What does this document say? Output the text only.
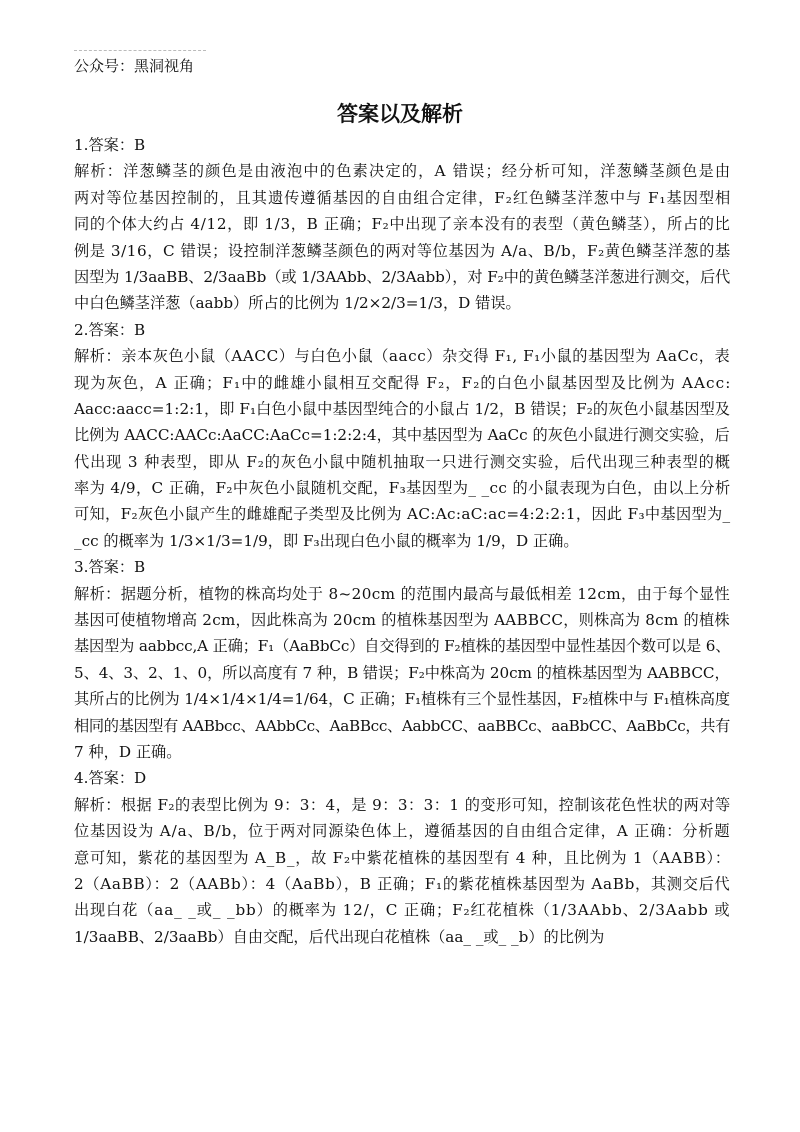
公众号：黑洞视角
答案以及解析
1.答案：B
解析：洋葱鳞茎的颜色是由液泡中的色素决定的，A 错误；经分析可知，洋葱鳞茎颜色是由
两对等位基因控制的，且其遗传遵循基因的自由组合定律，F₂红色鳞茎洋葱中与 F₁基因型相
同的个体大约占 4/12，即 1/3，B 正确；F₂中出现了亲本没有的表型（黄色鳞茎），所占的比
例是 3/16，C 错误；设控制洋葱鳞茎颜色的两对等位基因为 A/a、B/b，F₂黄色鳞茎洋葱的基
因型为 1/3aaBB、2/3aaBb（或 1/3AAbb、2/3Aabb），对 F₂中的黄色鳞茎洋葱进行测交，后代
中白色鳞茎洋葱（aabb）所占的比例为 1/2×2/3=1/3，D 错误。
2.答案：B
解析：亲本灰色小鼠（AACC）与白色小鼠（aacc）杂交得 F₁, F₁小鼠的基因型为 AaCc，表
现为灰色，A 正确；F₁中的雌雄小鼠相互交配得 F₂，F₂的白色小鼠基因型及比例为 AAcc:
Aacc:aacc=1:2:1，即 F₁白色小鼠中基因型纯合的小鼠占 1/2，B 错误；F₂的灰色小鼠基因型及
比例为 AACC:AACc:AaCC:AaCc=1:2:2:4，其中基因型为 AaCc 的灰色小鼠进行测交实验，后
代出现 3 种表型，即从 F₂的灰色小鼠中随机抽取一只进行测交实验，后代出现三种表型的概
率为 4/9，C 正确，F₂中灰色小鼠随机交配，F₃基因型为_ _cc 的小鼠表现为白色，由以上分析
可知，F₂灰色小鼠产生的雌雄配子类型及比例为 AC:Ac:aC:ac=4:2:2:1，因此 F₃中基因型为_
_cc 的概率为 1/3×1/3=1/9，即 F₃出现白色小鼠的概率为 1/9，D 正确。
3.答案：B
解析：据题分析，植物的株高均处于 8~20cm 的范围内最高与最低相差 12cm，由于每个显性
基因可使植物增高 2cm，因此株高为 20cm 的植株基因型为 AABBCC，则株高为 8cm 的植株
基因型为 aabbcc,A 正确；F₁（AaBbCc）自交得到的 F₂植株的基因型中显性基因个数可以是 6、
5、4、3、2、1、0，所以高度有 7 种，B 错误；F₂中株高为 20cm 的植株基因型为 AABBCC，
其所占的比例为 1/4×1/4×1/4=1/64，C 正确；F₁植株有三个显性基因，F₂植株中与 F₁植株高度
相同的基因型有 AABbcc、AAbbCc、AaBBcc、AabbCC、aaBBCc、aaBbCC、AaBbCc，共有
7 种，D 正确。
4.答案：D
解析：根据 F₂的表型比例为 9：3：4，是 9：3：3：1 的变形可知，控制该花色性状的两对等
位基因设为 A/a、B/b，位于两对同源染色体上，遵循基因的自由组合定律，A 正确：分析题
意可知，紫花的基因型为 A_B_，故 F₂中紫花植株的基因型有 4 种，且比例为 1（AABB）：
2（AaBB）：2（AABb）：4（AaBb），B 正确；F₁的紫花植株基因型为 AaBb，其测交后代
出现白花（aa_ _或_ _bb）的概率为 12/，C 正确；F₂红花植株（1/3AAbb、2/3Aabb 或
1/3aaBB、2/3aaBb）自由交配，后代出现白花植株（aa_ _或_ _b）的比例为
